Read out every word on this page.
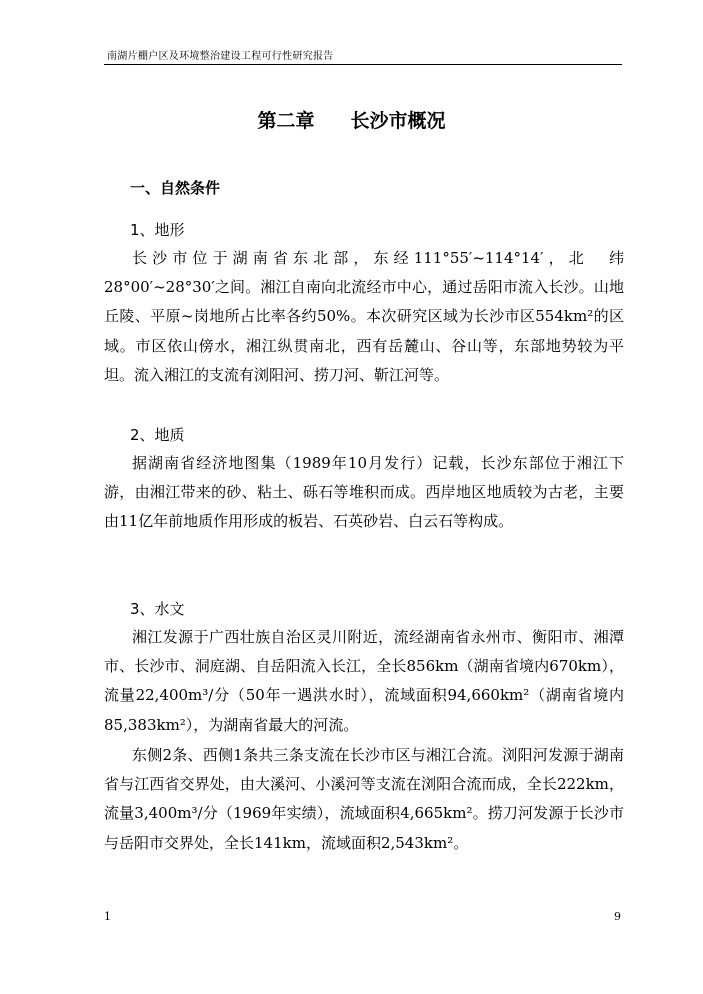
南湖片棚户区及环境整治建设工程可行性研究报告
第二章 长沙市概况
一、自然条件
1、地形

长沙市位于湖南省东北部，东经111°55′~114°14′，北　纬28°00′~28°30′之间。湘江自南向北流经市中心，通过岳阳市流入长沙。山地丘陵、平原~岗地所占比率各约50%。本次研究区域为长沙市区554km²的区域。市区依山傍水，湘江纵贯南北，西有岳麓山、谷山等，东部地势较为平坦。流入湘江的支流有浏阳河、捞刀河、靳江河等。

2、地质

据湖南省经济地图集（1989年10月发行）记载，长沙东部位于湘江下游，由湘江带来的砂、粘土、砾石等堆积而成。西岸地区地质较为古老，主要由11亿年前地质作用形成的板岩、石英砂岩、白云石等构成。

3、水文

湘江发源于广西壮族自治区灵川附近，流经湖南省永州市、衡阳市、湘潭市、长沙市、洞庭湖、自岳阳流入长江，全长856km（湖南省境内670km），流量22,400m³/分（50年一遇洪水时），流域面积94,660km²（湖南省境内85,383km²），为湖南省最大的河流。

东侧2条、西侧1条共三条支流在长沙市区与湘江合流。浏阳河发源于湖南省与江西省交界处，由大溪河、小溪河等支流在浏阳合流而成，全长222km，流量3,400m³/分（1969年实绩），流域面积4,665km²。捞刀河发源于长沙市与岳阳市交界处，全长141km，流域面积2,543km²。

1	9
